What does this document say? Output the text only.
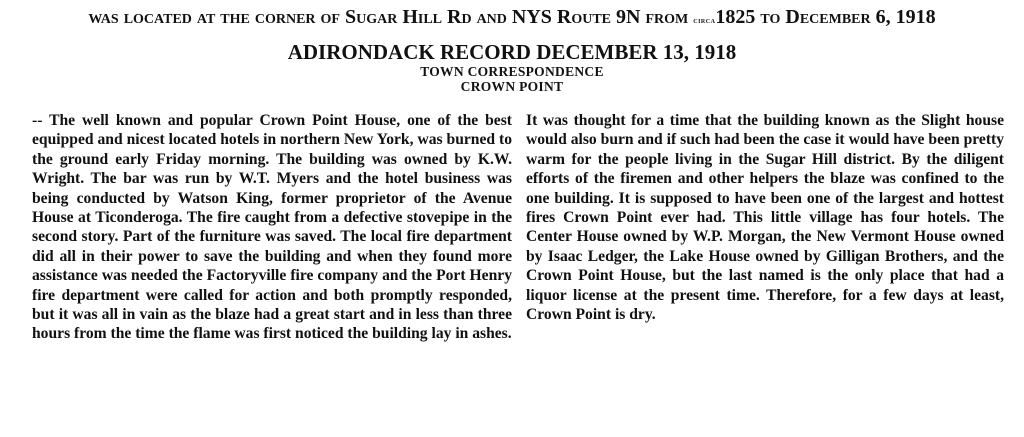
was located at the corner of Sugar Hill Rd and NYS Route 9N from circa1825 to December 6, 1918
ADIRONDACK RECORD DECEMBER 13, 1918
TOWN CORRESPONDENCE
CROWN POINT
-- The well known and popular Crown Point House, one of the best equipped and nicest located hotels in northern New York, was burned to the ground early Friday morning. The building was owned by K.W. Wright. The bar was run by W.T. Myers and the hotel business was being conducted by Watson King, former proprietor of the Avenue House at Ticonderoga. The fire caught from a defective stovepipe in the second story. Part of the furniture was saved. The local fire department did all in their power to save the building and when they found more assistance was needed the Factoryville fire company and the Port Henry fire department were called for action and both promptly responded, but it was all in vain as the blaze had a great start and in less than three hours from the time the flame was first noticed the building lay in ashes.
It was thought for a time that the building known as the Slight house would also burn and if such had been the case it would have been pretty warm for the people living in the Sugar Hill district. By the diligent efforts of the firemen and other helpers the blaze was confined to the one building. It is supposed to have been one of the largest and hottest fires Crown Point ever had. This little village has four hotels. The Center House owned by W.P. Morgan, the New Vermont House owned by Isaac Ledger, the Lake House owned by Gilligan Brothers, and the Crown Point House, but the last named is the only place that had a liquor license at the present time. Therefore, for a few days at least, Crown Point is dry.
